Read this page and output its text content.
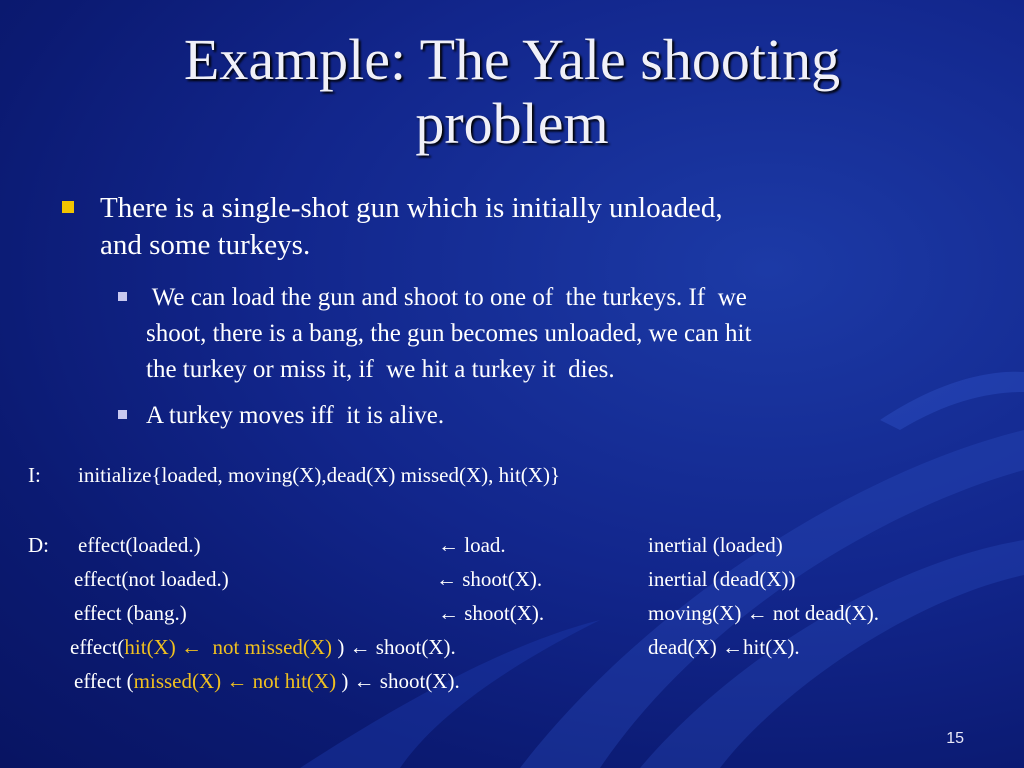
Example: The Yale shooting
problem
There is a single-shot gun which is initially unloaded,
and some turkeys.
We can load the gun and shoot to one of  the turkeys. If  we
shoot, there is a bang, the gun becomes unloaded, we can hit
the turkey or miss it, if  we hit a turkey it  dies.
A turkey moves iff  it is alive.
I: initialize{loaded, moving(X),dead(X) missed(X), hit(X)}
D: effect(loaded.)	← load.	inertial (loaded)
effect(not loaded.)	← shoot(X).	inertial (dead(X))
effect (bang.)	← shoot(X).	moving(X) ← not dead(X).
effect(hit(X) ←  not missed(X) ) ← shoot(X).	dead(X) ←hit(X).
effect (missed(X) ← not hit(X) ) ← shoot(X).
15
